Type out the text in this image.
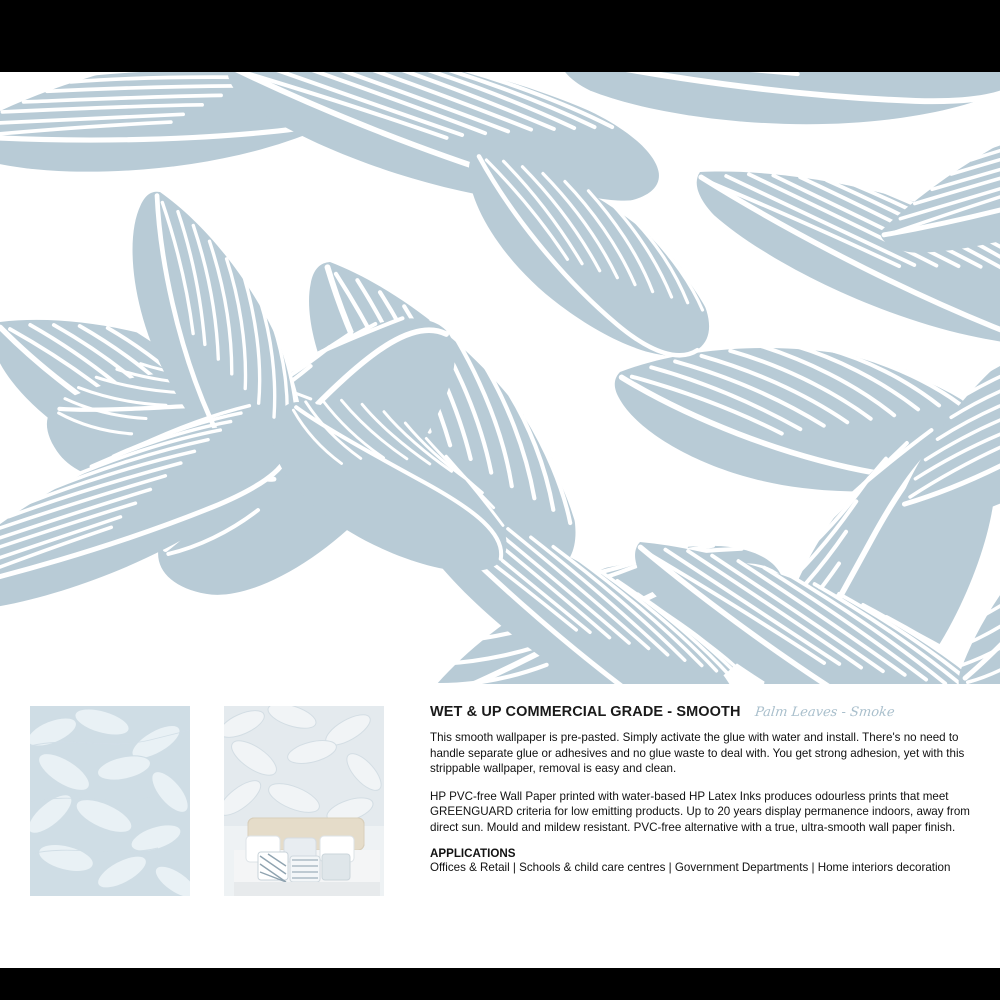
WET & UP COMMERCIAL GRADE - SMOOTH Palm Leaves - Smoke

This smooth wallpaper is pre-pasted. Simply activate the glue with water and install. There's no need to handle separate glue or adhesives and no glue waste to deal with. You get strong adhesion, yet with this strippable wallpaper, removal is easy and clean.

HP PVC-free Wall Paper printed with water-based HP Latex Inks produces odourless prints that meet GREENGUARD criteria for low emitting products. Up to 20 years display permanence indoors, away from direct sun. Mould and mildew resistant. PVC-free alternative with a true, ultra-smooth wall paper finish.

APPLICATIONS
Offices & Retail | Schools & child care centres | Government Departments | Home interiors decoration
